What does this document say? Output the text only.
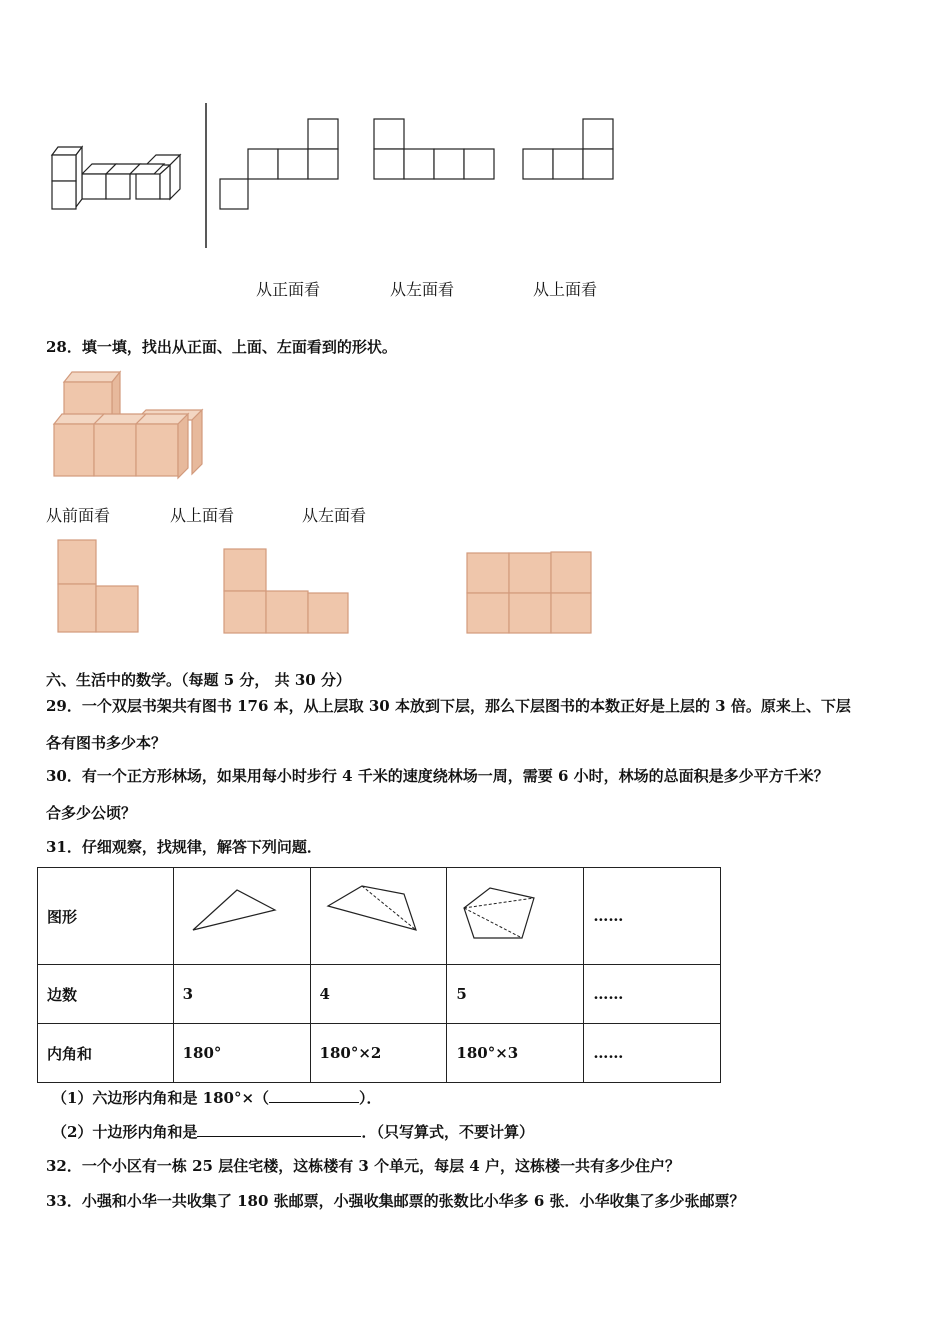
从正面看	从左面看	从上面看
28．填一填，找出从正面、上面、左面看到的形状。
从前面看	从上面看	从左面看
六、生活中的数学。（每题 5 分， 共 30 分）
29．一个双层书架共有图书 176 本，从上层取 30 本放到下层，那么下层图书的本数正好是上层的 3 倍。原来上、下层
各有图书多少本？
30．有一个正方形林场，如果用每小时步行 4 千米的速度绕林场一周，需要 6 小时，林场的总面积是多少平方千米？
合多少公顷？
31．仔细观察，找规律，解答下列问题．
图形				……
边数	3	4	5	……
内角和	180°	180°×2	180°×3	……
（1）六边形内角和是 180°×（	）．
（2）十边形内角和是	．（只写算式，不要计算）
32．一个小区有一栋 25 层住宅楼，这栋楼有 3 个单元，每层 4 户，这栋楼一共有多少住户？
33．小强和小华一共收集了 180 张邮票，小强收集邮票的张数比小华多 6 张．小华收集了多少张邮票？
